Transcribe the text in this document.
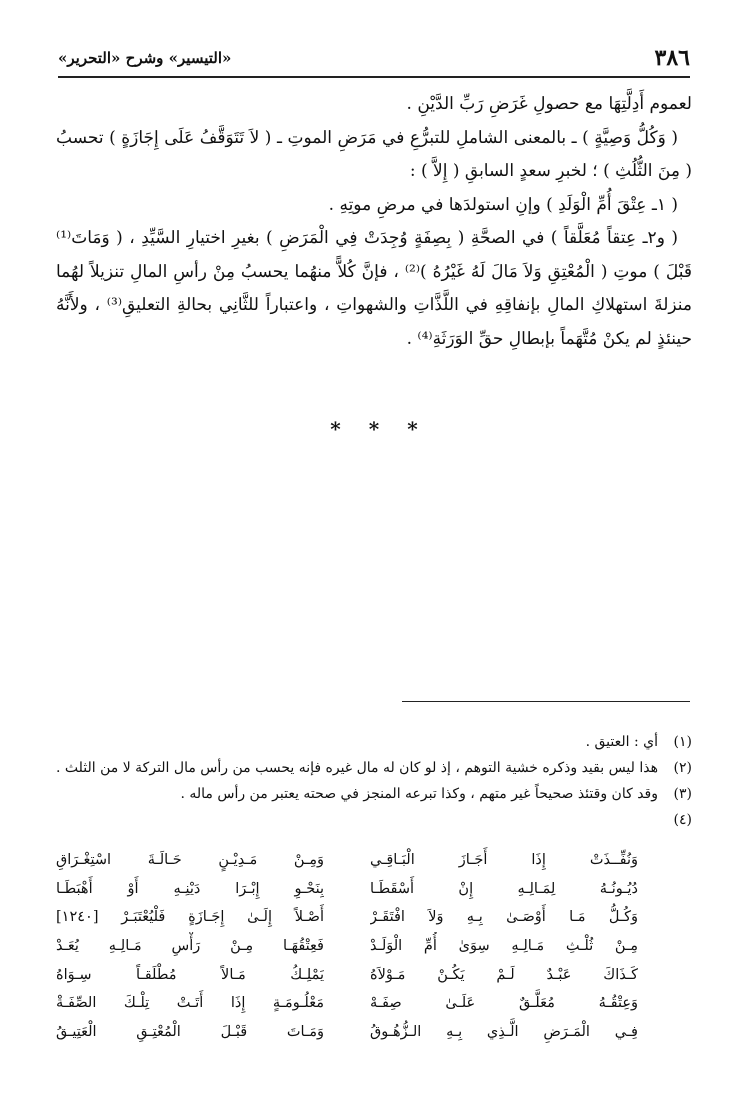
٣٨٦
«التيسير» وشرح «التحرير»

لعموم أَدِلَّتِهَا مع حصولِ غَرَضِ رَبِّ الدَّيْنِ .

( وَكُلُّ وَصِيَّةٍ ) ـ بالمعنى الشاملِ للتبرُّعِ في مَرَضِ الموتِ ـ ( لاَ تَتَوَقَّفُ عَلَى إِجَازَةٍ ) تحسبُ ( مِنَ الثُّلُثِ ) ؛ لخبرِ سعدٍ السابقِ ( إِلاَّ ) :

( ١ـ عِتْقَ أُمِّ الْوَلَدِ ) وإنِ استولدَها في مرضِ موتِهِ .

( و٢ـ عِتقاً مُعَلَّقاً ) في الصحَّةِ ( بِصِفَةٍ وُجِدَتْ فِي الْمَرَضِ ) بغيرِ اختيارِ السَّيِّدِ ، ( وَمَاتَ⁽¹⁾ قَبْلَ ) موتِ ( الْمُعْتِقِ وَلاَ مَالَ لَهُ غَيْرُهُ )⁽²⁾ ، فإنَّ كُلاًّ منهُما يحسبُ مِنْ رأسِ المالِ تنزيلاً لهُما منزلةَ استهلاكِ المالِ بإنفاقِهِ في اللَّذَّاتِ والشهواتِ ، واعتباراً للثَّانِي بحالةِ التعليقِ⁽³⁾ ، ولأَنَّهُ حينئذٍ لم يكنْ مُتَّهَماً بإبطالِ حقِّ الوَرَثَةِ⁽⁴⁾ .

* * *
(١)
أي : العتيق .
(٢)
هذا ليس بقيد وذكره خشية التوهم ، إذ لو كان له مال غيره فإنه يحسب من رأس مال التركة لا من الثلث .
(٣)
وقد كان وقتئذ صحيحاً غير متهم ، وكذا تبرعه المنجز في صحته يعتبر من رأس ماله .
(٤)
وَنُفِّــذَتْ إِذَا أَجَـازَ الْبَـاقِـي
وَمِـنْ مَـدِيْـنٍ حَـالَـةَ اسْتِغْـرَاقِ
دُيُـونُـهُ لِمَـالِـهِ إِنْ أَسْقَطَـا
بِنَحْـوِ إِبْـرَا دَيْنِـهِ أَوْ أَهْبَطَـا
وَكُـلُّ مَـا أَوْصَـىٰ بِـهِ وَلاَ افْتَقَـرْ
أَصْـلاً إِلَـىٰ إِجَـازَةٍ فَلْيُعْتَبَـرْ [١٢٤٠]
مِـنْ ثُلْـثِ مَـالِـهِ سِوَىٰ أُمِّ الْوَلَـدْ
فَعِتْقُهَـا مِـنْ رَأْسِ مَـالِـهِ يُعَـدْ
كَـذَاكَ عَبْـدٌ لَـمْ يَكُـنْ مَـوْلاَهُ
يَمْلِـكُ مَـالاً مُطْلَقـاً سِـوَاهُ
وَعِتْقُـهُ مُعَلَّـقٌ عَلَـىٰ صِفَـهْ
مَعْلُـومَـةٍ إِذَا أَتَـتْ تِلْـكَ الصِّفَـةْ
فِـي الْمَـرَضِ الَّـذِي بِـهِ الـزُّهُـوقُ
وَمَـاتَ قَبْـلَ الْمُعْتِـقِ الْعَتِيـقُ
